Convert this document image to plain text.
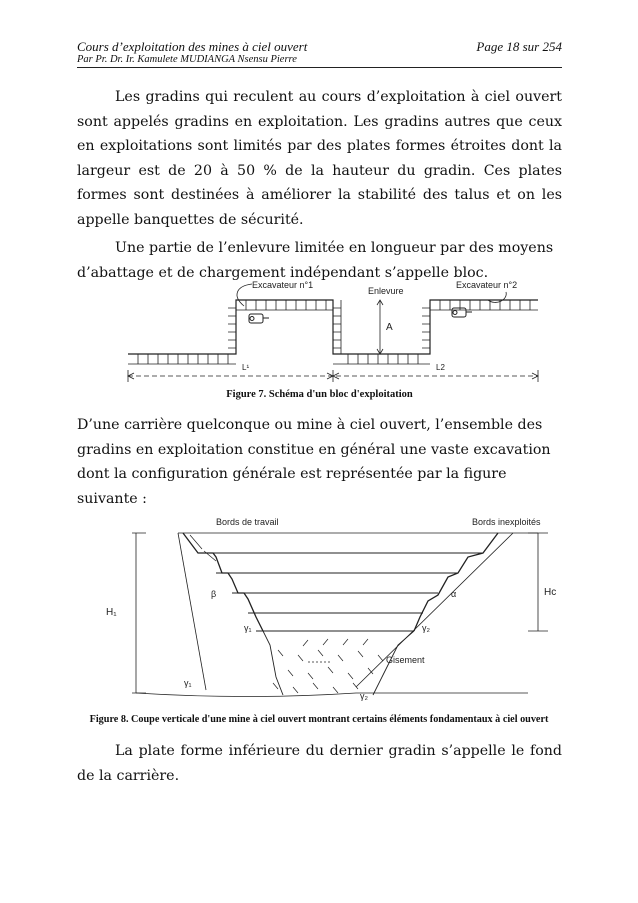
Cours d’exploitation des mines à ciel ouvert	Page 18 sur 254
Par Pr. Dr. Ir. Kamulete MUDIANGA Nsensu Pierre

Les gradins qui reculent au cours d’exploitation à ciel ouvert sont appelés gradins en exploitation. Les gradins autres que ceux en exploitations sont limités par des plates formes étroites dont la largeur est de 20 à 50 % de la hauteur du gradin. Ces plates formes sont destinées à améliorer la stabilité des talus et on les appelle banquettes de sécurité.

Une partie de l’enlevure limitée en longueur par des moyens d’abattage et de chargement indépendant s’appelle bloc.

Excavateur n°1	Excavateur n°2
Enlevure
A
L¹	L2
Figure 7. Schéma d'un bloc d'exploitation

D’une carrière quelconque ou mine à ciel ouvert, l’ensemble des gradins en exploitation constitue en général une vaste excavation dont la configuration générale est représentée par la figure suivante :

Bords de travail	Bords inexploités
H₁
Hc
β	α
γ₁	γ₂
Gisement
γ₁
γ₂
Figure 8. Coupe verticale d'une mine à ciel ouvert montrant certains éléments fondamentaux à ciel ouvert

La plate forme inférieure du dernier gradin s’appelle le fond de la carrière.
